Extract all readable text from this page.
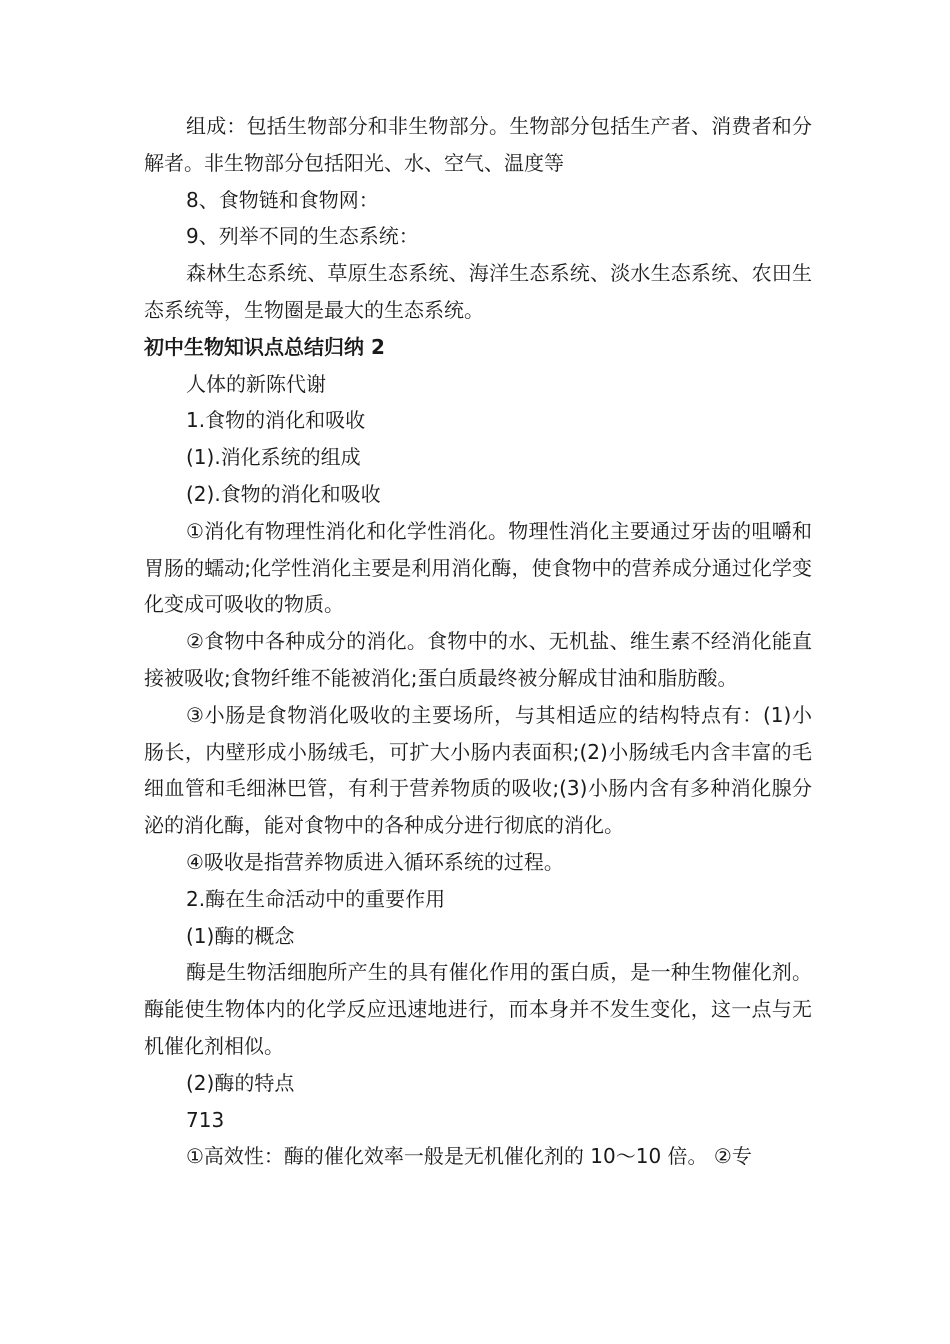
组成：包括生物部分和非生物部分。生物部分包括生产者、消费者和分解者。非生物部分包括阳光、水、空气、温度等

8、食物链和食物网：

9、列举不同的生态系统：

森林生态系统、草原生态系统、海洋生态系统、淡水生态系统、农田生态系统等，生物圈是最大的生态系统。

初中生物知识点总结归纳 2

人体的新陈代谢

1.食物的消化和吸收

(1).消化系统的组成

(2).食物的消化和吸收

①消化有物理性消化和化学性消化。物理性消化主要通过牙齿的咀嚼和胃肠的蠕动;化学性消化主要是利用消化酶，使食物中的营养成分通过化学变化变成可吸收的物质。

②食物中各种成分的消化。食物中的水、无机盐、维生素不经消化能直接被吸收;食物纤维不能被消化;蛋白质最终被分解成甘油和脂肪酸。

③小肠是食物消化吸收的主要场所，与其相适应的结构特点有：(1)小肠长，内壁形成小肠绒毛，可扩大小肠内表面积;(2)小肠绒毛内含丰富的毛细血管和毛细淋巴管，有利于营养物质的吸收;(3)小肠内含有多种消化腺分泌的消化酶，能对食物中的各种成分进行彻底的消化。

④吸收是指营养物质进入循环系统的过程。

2.酶在生命活动中的重要作用

(1)酶的概念

酶是生物活细胞所产生的具有催化作用的蛋白质，是一种生物催化剂。酶能使生物体内的化学反应迅速地进行，而本身并不发生变化，这一点与无机催化剂相似。

(2)酶的特点

713

①高效性：酶的催化效率一般是无机催化剂的 10～10 倍。 ②专
